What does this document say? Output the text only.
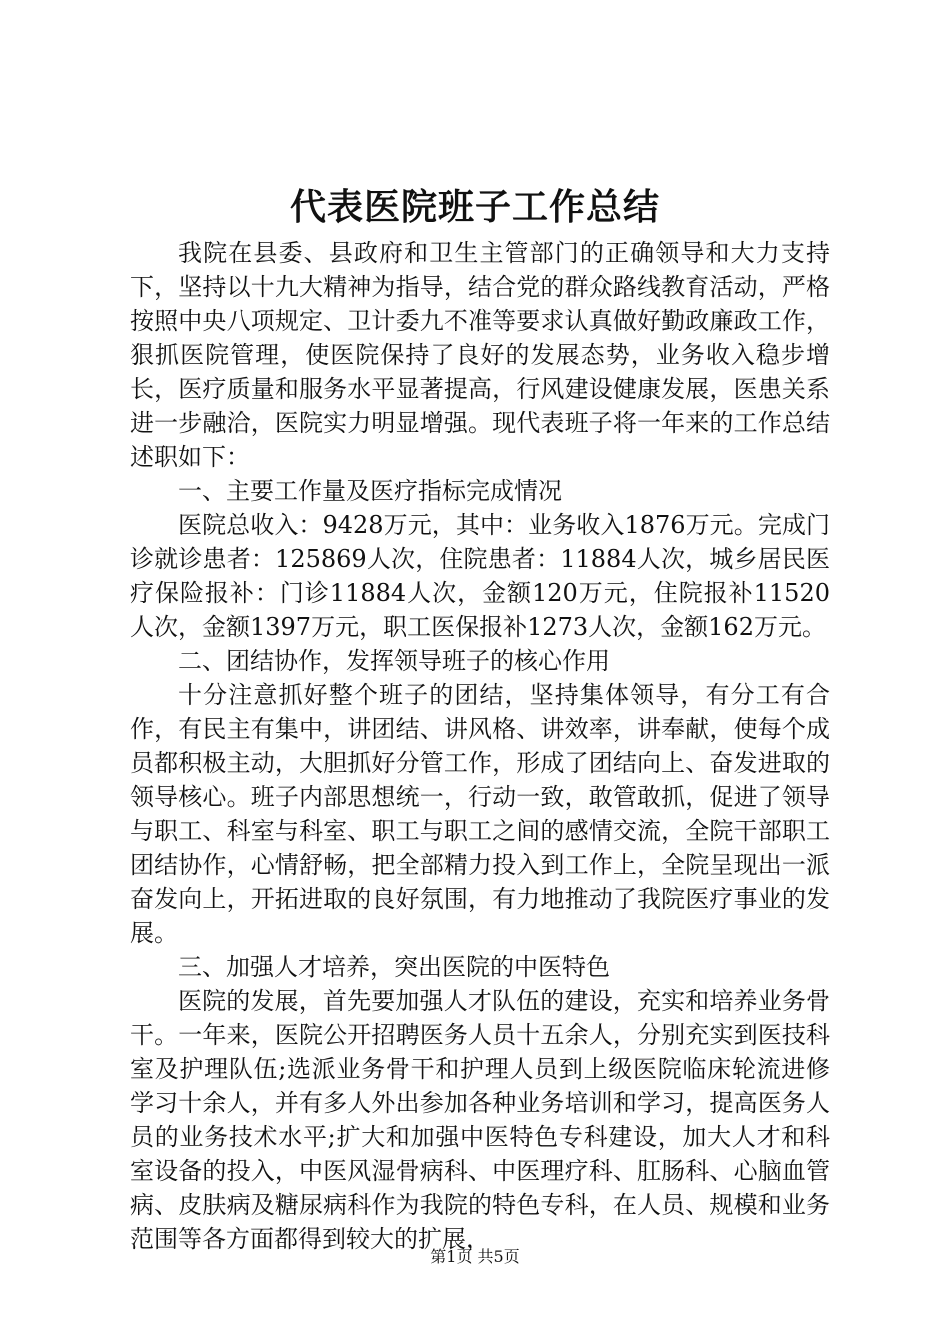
代表医院班子工作总结

我院在县委、县政府和卫生主管部门的正确领导和大力支持下，坚持以十九大精神为指导，结合党的群众路线教育活动，严格按照中央八项规定、卫计委九不准等要求认真做好勤政廉政工作，狠抓医院管理，使医院保持了良好的发展态势，业务收入稳步增长，医疗质量和服务水平显著提高，行风建设健康发展，医患关系进一步融洽，医院实力明显增强。现代表班子将一年来的工作总结述职如下：

一、主要工作量及医疗指标完成情况

医院总收入：9428万元，其中：业务收入1876万元。完成门诊就诊患者：125869人次，住院患者：11884人次，城乡居民医疗保险报补：门诊11884人次，金额120万元，住院报补11520人次，金额1397万元，职工医保报补1273人次，金额162万元。

二、团结协作，发挥领导班子的核心作用

十分注意抓好整个班子的团结，坚持集体领导，有分工有合作，有民主有集中，讲团结、讲风格、讲效率，讲奉献，使每个成员都积极主动，大胆抓好分管工作，形成了团结向上、奋发进取的领导核心。班子内部思想统一，行动一致，敢管敢抓，促进了领导与职工、科室与科室、职工与职工之间的感情交流，全院干部职工团结协作，心情舒畅，把全部精力投入到工作上，全院呈现出一派奋发向上，开拓进取的良好氛围，有力地推动了我院医疗事业的发展。

三、加强人才培养，突出医院的中医特色

医院的发展，首先要加强人才队伍的建设，充实和培养业务骨干。一年来，医院公开招聘医务人员十五余人，分别充实到医技科室及护理队伍;选派业务骨干和护理人员到上级医院临床轮流进修学习十余人，并有多人外出参加各种业务培训和学习，提高医务人员的业务技术水平;扩大和加强中医特色专科建设，加大人才和科室设备的投入，中医风湿骨病科、中医理疗科、肛肠科、心脑血管病、皮肤病及糖尿病科作为我院的特色专科，在人员、规模和业务范围等各方面都得到较大的扩展，

第1页 共5页
